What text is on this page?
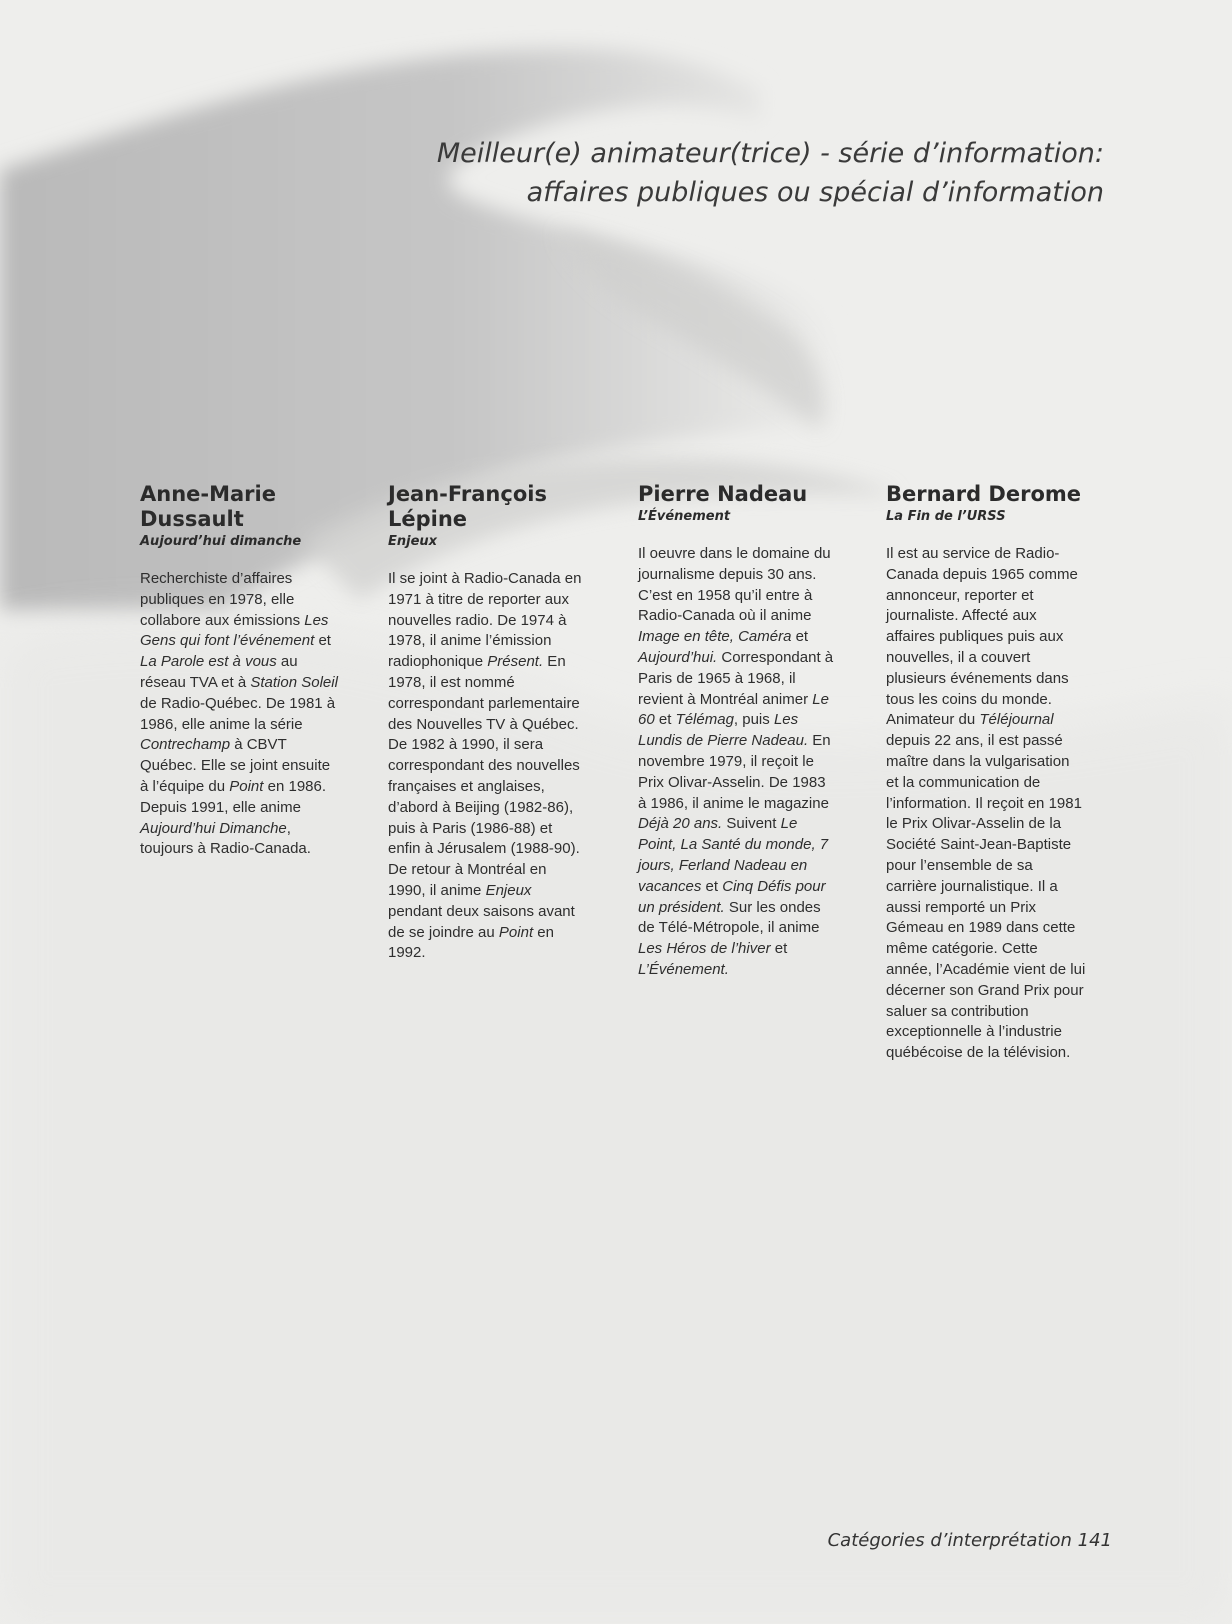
Meilleur(e) animateur(trice) - série d’information:
affaires publiques ou spécial d’information
Anne-Marie Dussault
Aujourd’hui dimanche
Recherchiste d’affaires publiques en 1978, elle collabore aux émissions Les Gens qui font l’événement et La Parole est à vous au réseau TVA et à Station Soleil de Radio-Québec. De 1981 à 1986, elle anime la série Contrechamp à CBVT Québec. Elle se joint ensuite à l’équipe du Point en 1986. Depuis 1991, elle anime Aujourd’hui Dimanche, toujours à Radio-Canada.
Jean-François Lépine
Enjeux
Il se joint à Radio-Canada en 1971 à titre de reporter aux nouvelles radio. De 1974 à 1978, il anime l’émission radiophonique Présent. En 1978, il est nommé correspondant parlementaire des Nouvelles TV à Québec. De 1982 à 1990, il sera correspondant des nouvelles françaises et anglaises, d’abord à Beijing (1982-86), puis à Paris (1986-88) et enfin à Jérusalem (1988-90). De retour à Montréal en 1990, il anime Enjeux pendant deux saisons avant de se joindre au Point en 1992.
Pierre Nadeau
L’Événement
Il oeuvre dans le domaine du journalisme depuis 30 ans. C’est en 1958 qu’il entre à Radio-Canada où il anime Image en tête, Caméra et Aujourd’hui. Correspondant à Paris de 1965 à 1968, il revient à Montréal animer Le 60 et Télémag, puis Les Lundis de Pierre Nadeau. En novembre 1979, il reçoit le Prix Olivar-Asselin. De 1983 à 1986, il anime le magazine Déjà 20 ans. Suivent Le Point, La Santé du monde, 7 jours, Ferland Nadeau en vacances et Cinq Défis pour un président. Sur les ondes de Télé-Métropole, il anime Les Héros de l’hiver et L’Événement.
Bernard Derome
La Fin de l’URSS
Il est au service de Radio-Canada depuis 1965 comme annonceur, reporter et journaliste. Affecté aux affaires publiques puis aux nouvelles, il a couvert plusieurs événements dans tous les coins du monde. Animateur du Téléjournal depuis 22 ans, il est passé maître dans la vulgarisation et la communication de l’information. Il reçoit en 1981 le Prix Olivar-Asselin de la Société Saint-Jean-Baptiste pour l’ensemble de sa carrière journalistique. Il a aussi remporté un Prix Gémeau en 1989 dans cette même catégorie. Cette année, l’Académie vient de lui décerner son Grand Prix pour saluer sa contribution exceptionnelle à l’industrie québécoise de la télévision.
Catégories d’interprétation 141
